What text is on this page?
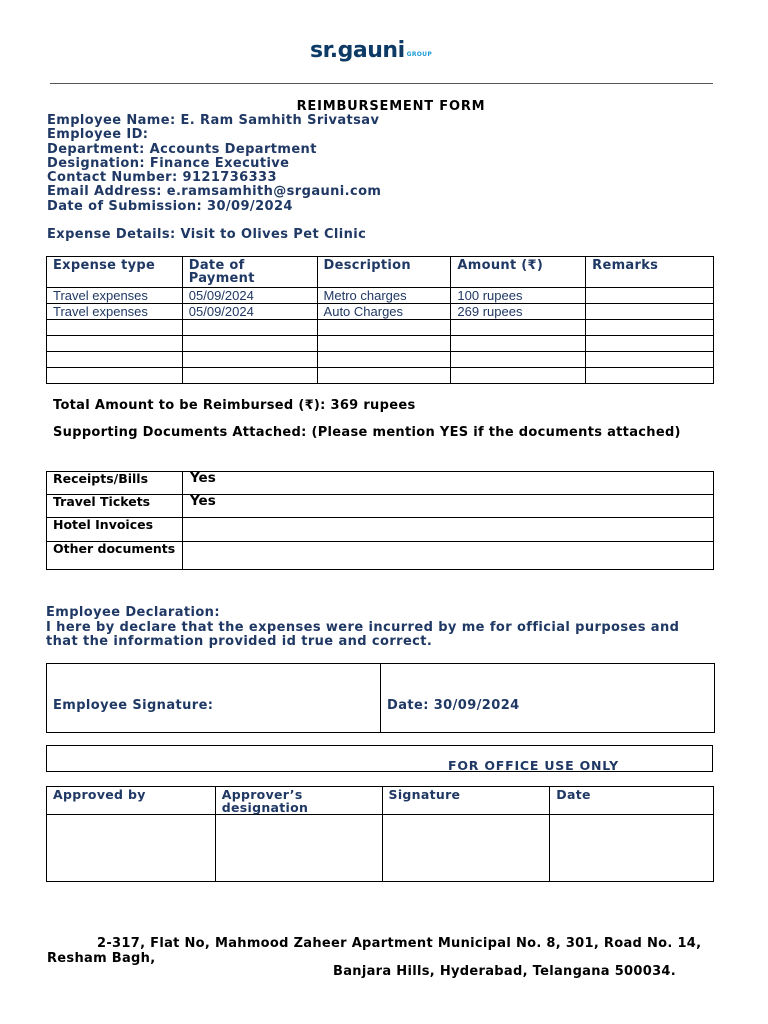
sr.gauni GROUP
REIMBURSEMENT FORM
Employee Name: E. Ram Samhith Srivatsav
Employee ID:
Department: Accounts Department
Designation: Finance Executive
Contact Number: 9121736333
Email Address: e.ramsamhith@srgauni.com
Date of Submission: 30/09/2024
Expense Details: Visit to Olives Pet Clinic
Expense type	Date of Payment	Description	Amount (₹)	Remarks
Travel expenses	05/09/2024	Metro charges	100 rupees	
Travel expenses	05/09/2024	Auto Charges	269 rupees	

Total Amount to be Reimbursed (₹): 369 rupees
Supporting Documents Attached: (Please mention YES if the documents attached)
Receipts/Bills	Yes
Travel Tickets	Yes
Hotel Invoices	
Other documents	
Employee Declaration:
I here by declare that the expenses were incurred by me for official purposes and
that the information provided id true and correct.
Employee Signature:	Date: 30/09/2024
FOR OFFICE USE ONLY
Approved by	Approver’s designation	Signature	Date

2-317, Flat No, Mahmood Zaheer Apartment Municipal No. 8, 301, Road No. 14, Resham Bagh,
Banjara Hills, Hyderabad, Telangana 500034.
